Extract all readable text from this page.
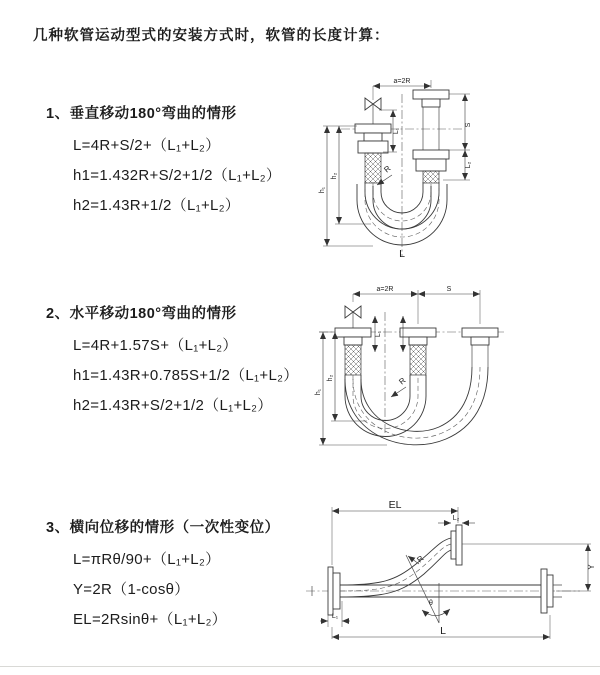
几种软管运动型式的安装方式时，软管的长度计算：
1、垂直移动180°弯曲的情形
L=4R+S/2+（L₁+L₂）
h1=1.432R+S/2+1/2（L₁+L₂）
h2=1.43R+1/2（L₁+L₂）
2、水平移动180°弯曲的情形
L=4R+1.57S+（L₁+L₂）
h1=1.43R+0.785S+1/2（L₁+L₂）
h2=1.43R+S/2+1/2（L₁+L₂）
3、横向位移的情形（一次性变位）
L=πRθ/90+（L₁+L₂）
Y=2R（1-cosθ）
EL=2Rsinθ+（L₁+L₂）
a=2R
S
L₂
L₁
h₁
h₂
R
L
a=2R	S
L₁
h₁
h₂	R
EL
L₂
Y
R
θ
L₁
L
